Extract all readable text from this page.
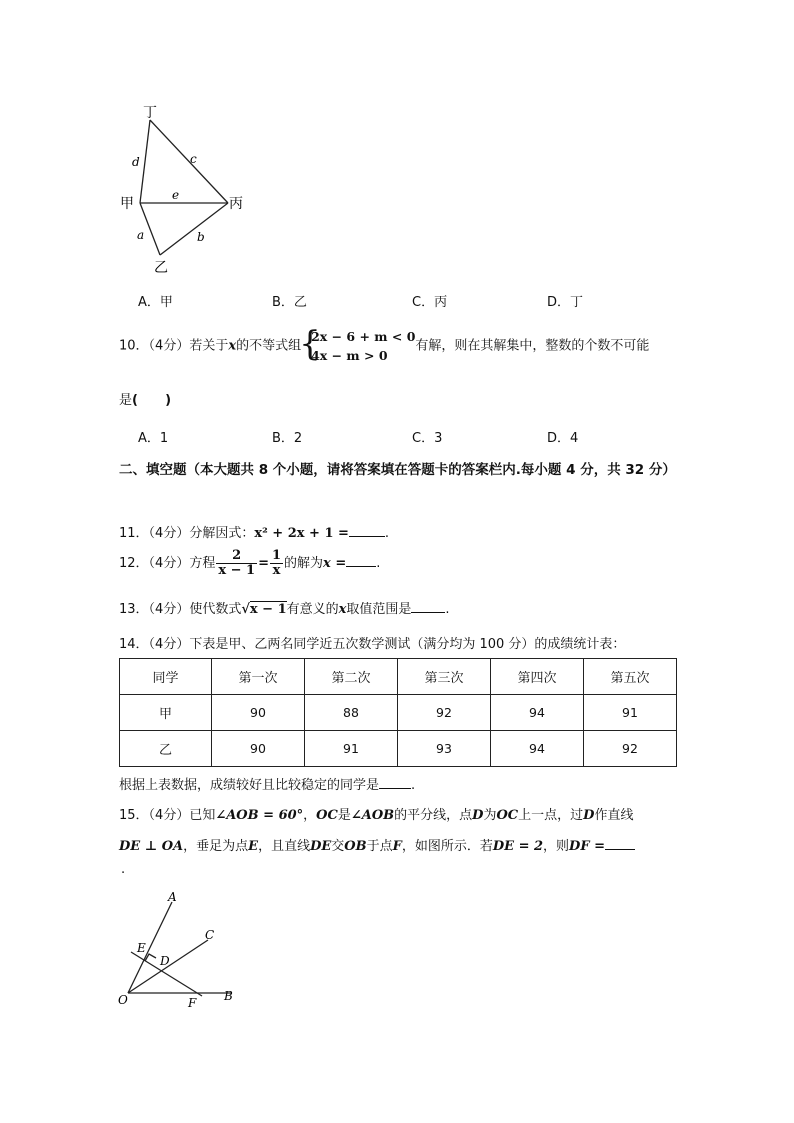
丁
甲	丙
乙
d	c
e
a	b
A．甲	B．乙	C．丙	D．丁
10．（4分）若关于x的不等式组
{
2x − 6 + m < 0
4x − m > 0
有解，则在其解集中，整数的个数不可能
是(      )
A．1	B．2	C．3	D．4
二、填空题（本大题共 8 个小题，请将答案填在答题卡的答案栏内.每小题 4 分，共 32 分）
11．（4分）分解因式：x² + 2x + 1 =	.
12．（4分）方程 $\frac{2}{x - 1} = \frac{1}{x}$ 的解为x = .
13．（4分）使代数式√x − 1有意义的x取值范围是	.
14．（4分）下表是甲、乙两名同学近五次数学测试（满分均为 100 分）的成绩统计表：
同学	第一次	第二次	第三次	第四次	第五次
甲	90	88	92	94	91
乙	90	91	93	94	92
根据上表数据，成绩较好且比较稳定的同学是 .
15．（4分）已知∠AOB = 60°，OC是∠AOB的平分线，点D为OC上一点，过D作直线
DE ⊥ OA，垂足为点E，且直线DE交OB于点F，如图所示．若DE = 2，则DF =
.
A
C
E
D
O	F B
